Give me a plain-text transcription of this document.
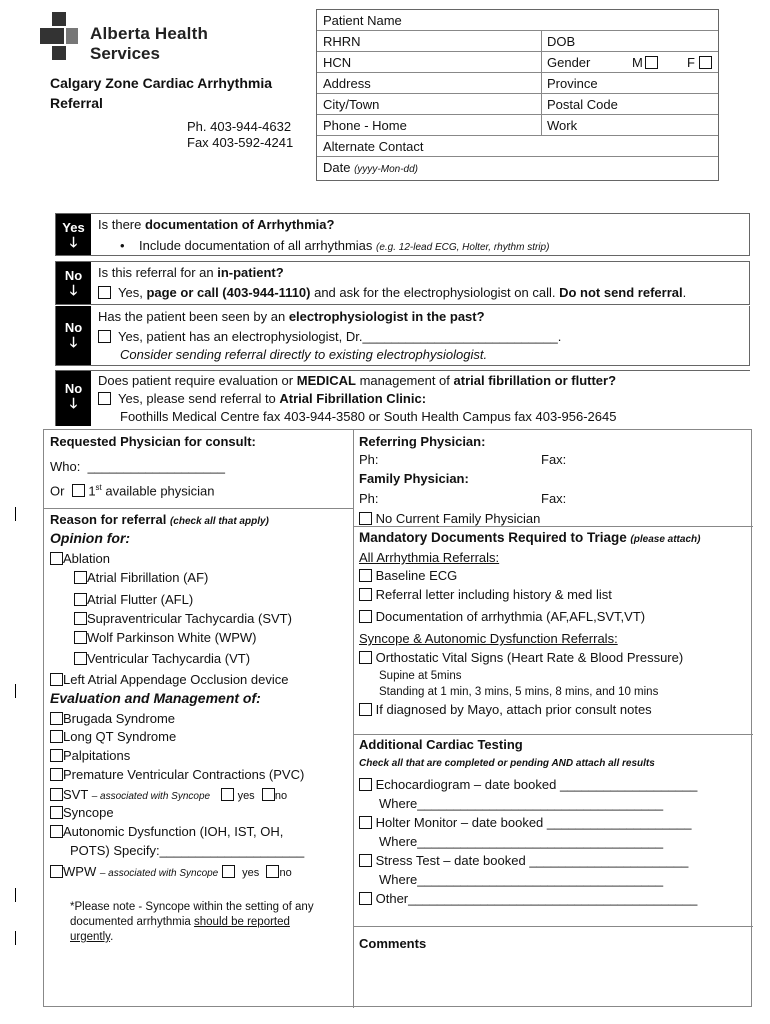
Alberta Health
Services
Calgary Zone Cardiac Arrhythmia
Referral
Ph. 403-944-4632
Fax 403-592-4241
Patient Name
RHRN	DOB
HCN	Gender	M	F
Address	Province
City/Town	Postal Code
Phone - Home	Work
Alternate Contact
Date (yyyy-Mon-dd)
Yes
🡓
Is there documentation of Arrhythmia?
•    Include documentation of all arrhythmias (e.g. 12-lead ECG, Holter, rhythm strip)
No
🡓
Is this referral for an in-patient?
Yes, page or call (403-944-1110) and ask for the electrophysiologist on call. Do not send referral.
No
🡓
Has the patient been seen by an electrophysiologist in the past?
Yes, patient has an electrophysiologist, Dr.___________________________.
Consider sending referral directly to existing electrophysiologist.
No
🡓
Does patient require evaluation or MEDICAL management of atrial fibrillation or flutter?
Yes, please send referral to Atrial Fibrillation Clinic:
Foothills Medical Centre fax 403-944-3580 or South Health Campus fax 403-956-2645
Requested Physician for consult:
Who: ___________________
Or 1st available physician
Reason for referral (check all that apply)
Opinion for:
Ablation
Atrial Fibrillation (AF)
Atrial Flutter (AFL)
Supraventricular Tachycardia (SVT)
Wolf Parkinson White (WPW)
Ventricular Tachycardia (VT)
Left Atrial Appendage Occlusion device
Evaluation and Management of:
Brugada Syndrome
Long QT Syndrome
Palpitations
Premature Ventricular Contractions (PVC)
SVT – associated with Syncope yes no
Syncope
Autonomic Dysfunction (IOH, IST, OH,
POTS) Specify:____________________
WPW – associated with Syncope yes no
*Please note - Syncope within the setting of any
documented arrhythmia should be reported
urgently.
Referring Physician:
Ph:	Fax:
Family Physician:
Ph:	Fax:
No Current Family Physician
Mandatory Documents Required to Triage (please attach)
All Arrhythmia Referrals:
Baseline ECG
Referral letter including history & med list
Documentation of arrhythmia (AF,AFL,SVT,VT)
Syncope & Autonomic Dysfunction Referrals:
Orthostatic Vital Signs (Heart Rate & Blood Pressure)
Supine at 5mins
Standing at 1 min, 3 mins, 5 mins, 8 mins, and 10 mins
If diagnosed by Mayo, attach prior consult notes
Additional Cardiac Testing
Check all that are completed or pending AND attach all results
Echocardiogram – date booked ___________________
Where__________________________________
Holter Monitor – date booked ____________________
Where__________________________________
Stress Test – date booked ______________________
Where__________________________________
Other________________________________________
Comments
